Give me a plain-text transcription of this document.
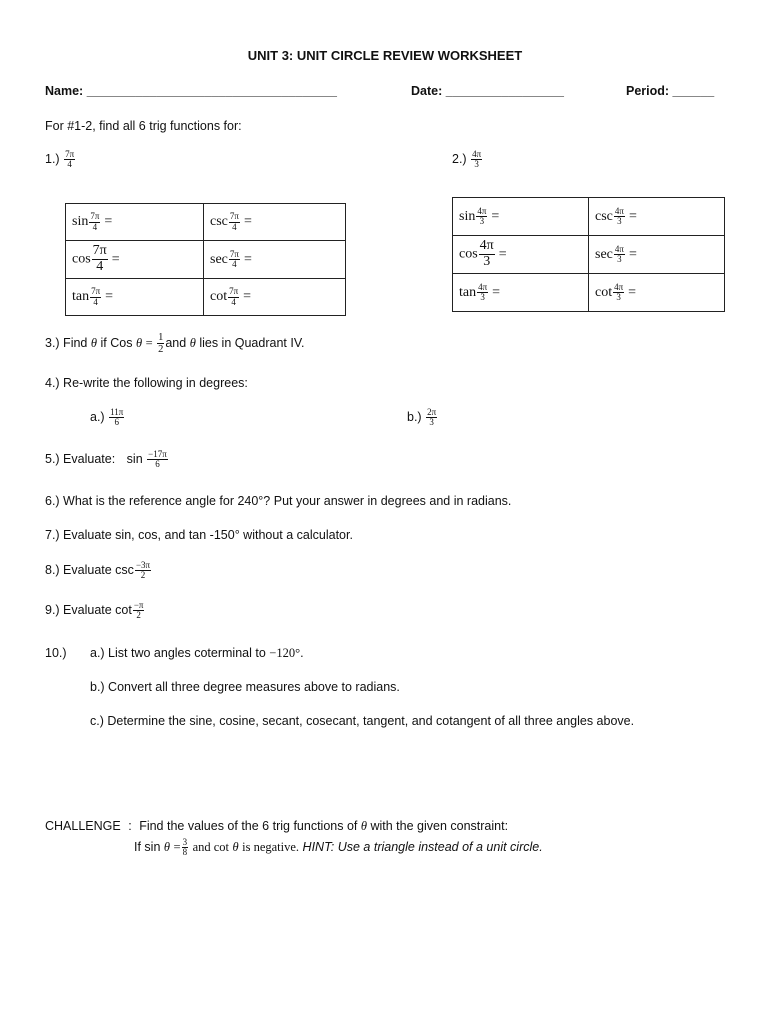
UNIT 3: UNIT CIRCLE REVIEW WORKSHEET
Name: ____________________________________	Date: _________________	Period: ______
For #1-2, find all 6 trig functions for:
$1.) \frac{7\pi}{4}$	$2.) \frac{4\pi}{3}$
$\sin \frac{7\pi}{4}$ =	$\csc \frac{7\pi}{4}$ =
$\cos \frac{7\pi}{4}$ =	$\sec \frac{7\pi}{4}$ =
$\tan \frac{7\pi}{4}$ =	$\cot \frac{7\pi}{4}$ =
$\sin \frac{4\pi}{3}$ =	$\csc \frac{4\pi}{3}$ =
$\cos \frac{4\pi}{3}$ =	$\sec \frac{4\pi}{3}$ =
$\tan \frac{4\pi}{3}$ =	$\cot \frac{4\pi}{3}$ =
3.) Find θ if Cos $\theta = \frac{1}{2}$ and θ lies in Quadrant IV.
4.) Re-write the following in degrees:
$a.) \frac{11\pi}{6}$	$b.) \frac{2\pi}{3}$
5.) Evaluate: $\sin \frac{-17\pi}{6}$
6.) What is the reference angle for 240°? Put your answer in degrees and in radians.
7.) Evaluate sin, cos, and tan -150° without a calculator.
8.) Evaluate $\csc \frac{-3\pi}{2}$
9.) Evaluate $\cot \frac{-\pi}{2}$
10.) a.) List two angles coterminal to −120°.
b.) Convert all three degree measures above to radians.
c.) Determine the sine, cosine, secant, cosecant, tangent, and cotangent of all three angles above.
CHALLENGE : Find the values of the 6 trig functions of θ with the given constraint:
If $\sin \theta = \frac{3}{8}$ and cot θ is negative. HINT: Use a triangle instead of a unit circle.
